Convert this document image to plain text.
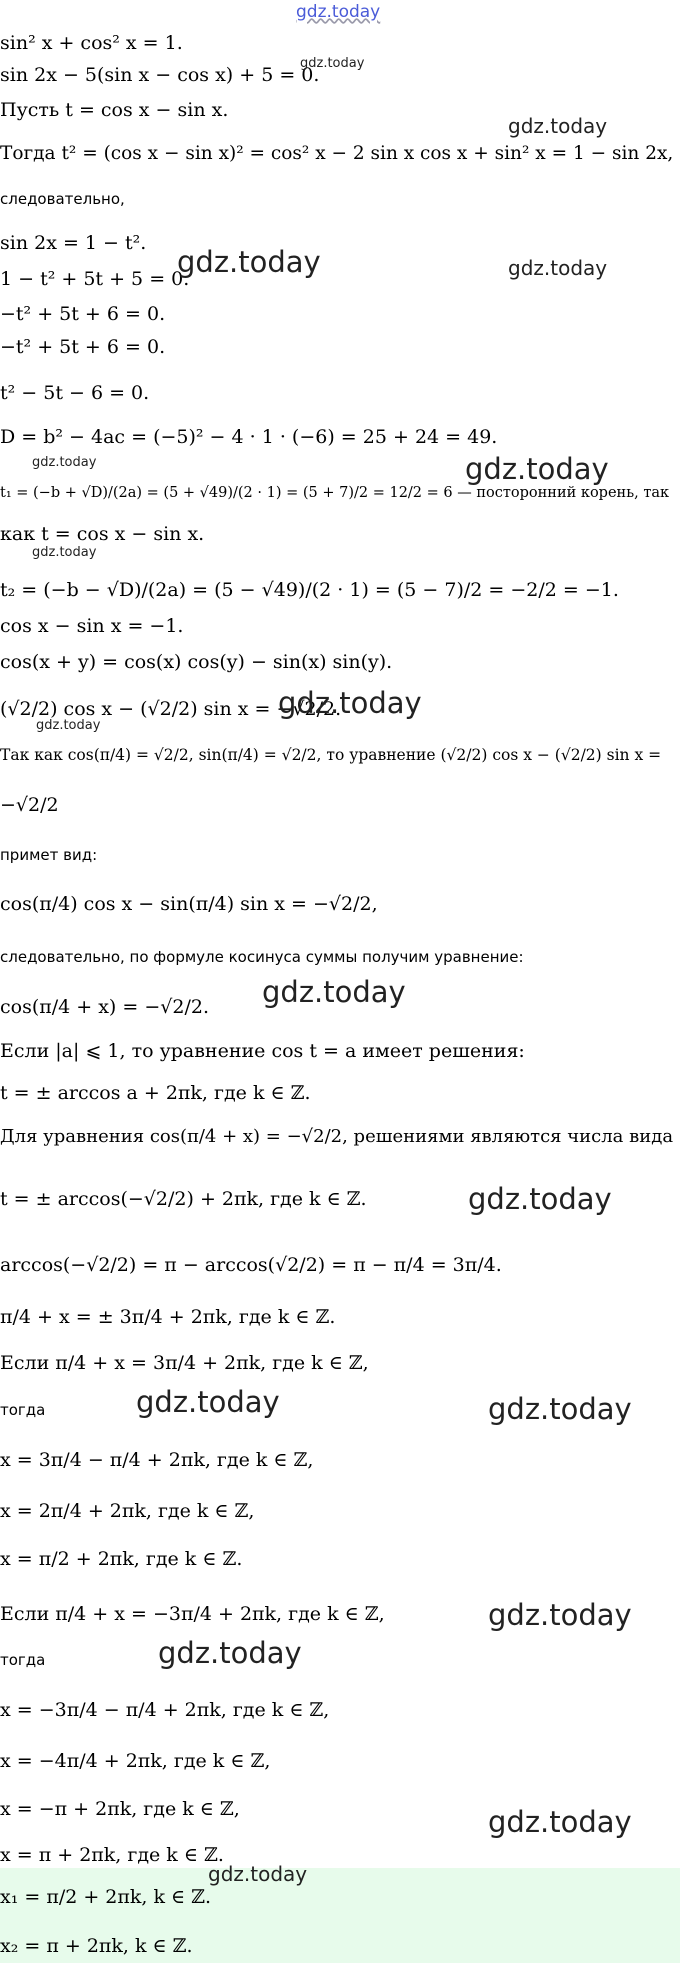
gdz.today
sin² x + cos² x = 1.
sin 2x − 5(sin x − cos x) + 5 = 0.
Пусть t = cos x − sin x.
Тогда t² = (cos x − sin x)² = cos² x − 2 sin x cos x + sin² x = 1 − sin 2x,
следовательно,
sin 2x = 1 − t².
1 − t² + 5t + 5 = 0.
−t² + 5t + 6 = 0.
−t² + 5t + 6 = 0.
t² − 5t − 6 = 0.
D = b² − 4ac = (−5)² − 4 · 1 · (−6) = 25 + 24 = 49.
t₁ = (−b + √D)/(2a) = (5 + √49)/(2 · 1) = (5 + 7)/2 = 12/2 = 6 — посторонний корень, так
как t = cos x − sin x.
t₂ = (−b − √D)/(2a) = (5 − √49)/(2 · 1) = (5 − 7)/2 = −2/2 = −1.
cos x − sin x = −1.
cos(x + y) = cos(x) cos(y) − sin(x) sin(y).
(√2/2) cos x − (√2/2) sin x = −√2/2.
Так как cos(π/4) = √2/2, sin(π/4) = √2/2, то уравнение (√2/2) cos x − (√2/2) sin x =
−√2/2
примет вид:
cos(π/4) cos x − sin(π/4) sin x = −√2/2,
следовательно, по формуле косинуса суммы получим уравнение:
cos(π/4 + x) = −√2/2.
Если |a| ⩽ 1, то уравнение cos t = a имеет решения:
t = ± arccos a + 2πk, где k ∈ ℤ.
Для уравнения cos(π/4 + x) = −√2/2, решениями являются числа вида
t = ± arccos(−√2/2) + 2πk, где k ∈ ℤ.
arccos(−√2/2) = π − arccos(√2/2) = π − π/4 = 3π/4.
π/4 + x = ± 3π/4 + 2πk, где k ∈ ℤ.
Если π/4 + x = 3π/4 + 2πk, где k ∈ ℤ,
тогда
x = 3π/4 − π/4 + 2πk, где k ∈ ℤ,
x = 2π/4 + 2πk, где k ∈ ℤ,
x = π/2 + 2πk, где k ∈ ℤ.
Если π/4 + x = −3π/4 + 2πk, где k ∈ ℤ,
тогда
x = −3π/4 − π/4 + 2πk, где k ∈ ℤ,
x = −4π/4 + 2πk, где k ∈ ℤ,
x = −π + 2πk, где k ∈ ℤ,
x = π + 2πk, где k ∈ ℤ.
x₁ = π/2 + 2πk, k ∈ ℤ.
x₂ = π + 2πk, k ∈ ℤ.
gdz.today
gdz.today
gdz.today	gdz.today
gdz.today
gdz.today
gdz.today
gdz.today
gdz.today
gdz.today
gdz.today
gdz.today	gdz.today
gdz.today
gdz.today
gdz.today
gdz.today
